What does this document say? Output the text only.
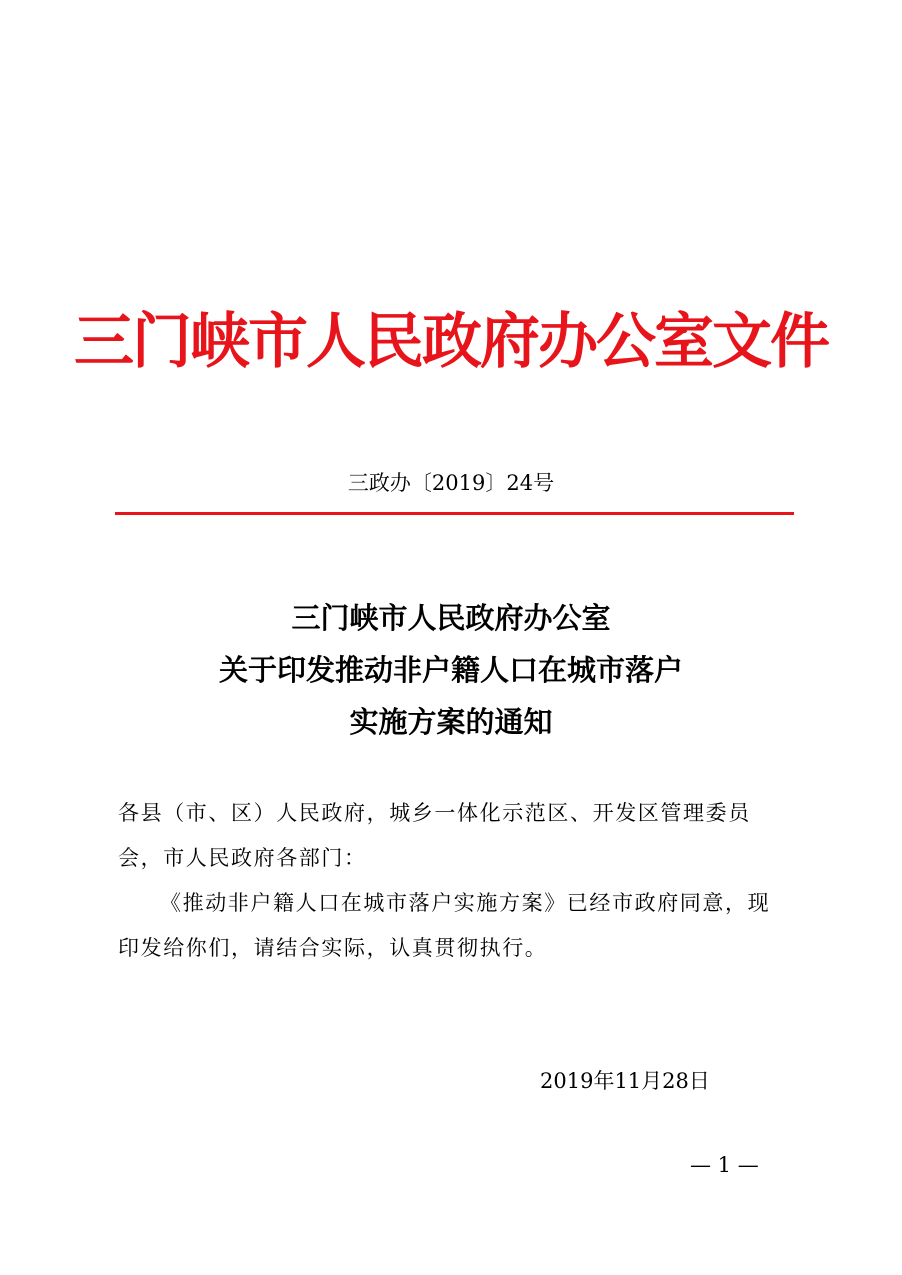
三门峡市人民政府办公室文件
三政办〔2019〕24号
三门峡市人民政府办公室
关于印发推动非户籍人口在城市落户
实施方案的通知
各县（市、区）人民政府，城乡一体化示范区、开发区管理委员会，市人民政府各部门：
《推动非户籍人口在城市落户实施方案》已经市政府同意，现印发给你们，请结合实际，认真贯彻执行。
2019年11月28日
— 1 —
